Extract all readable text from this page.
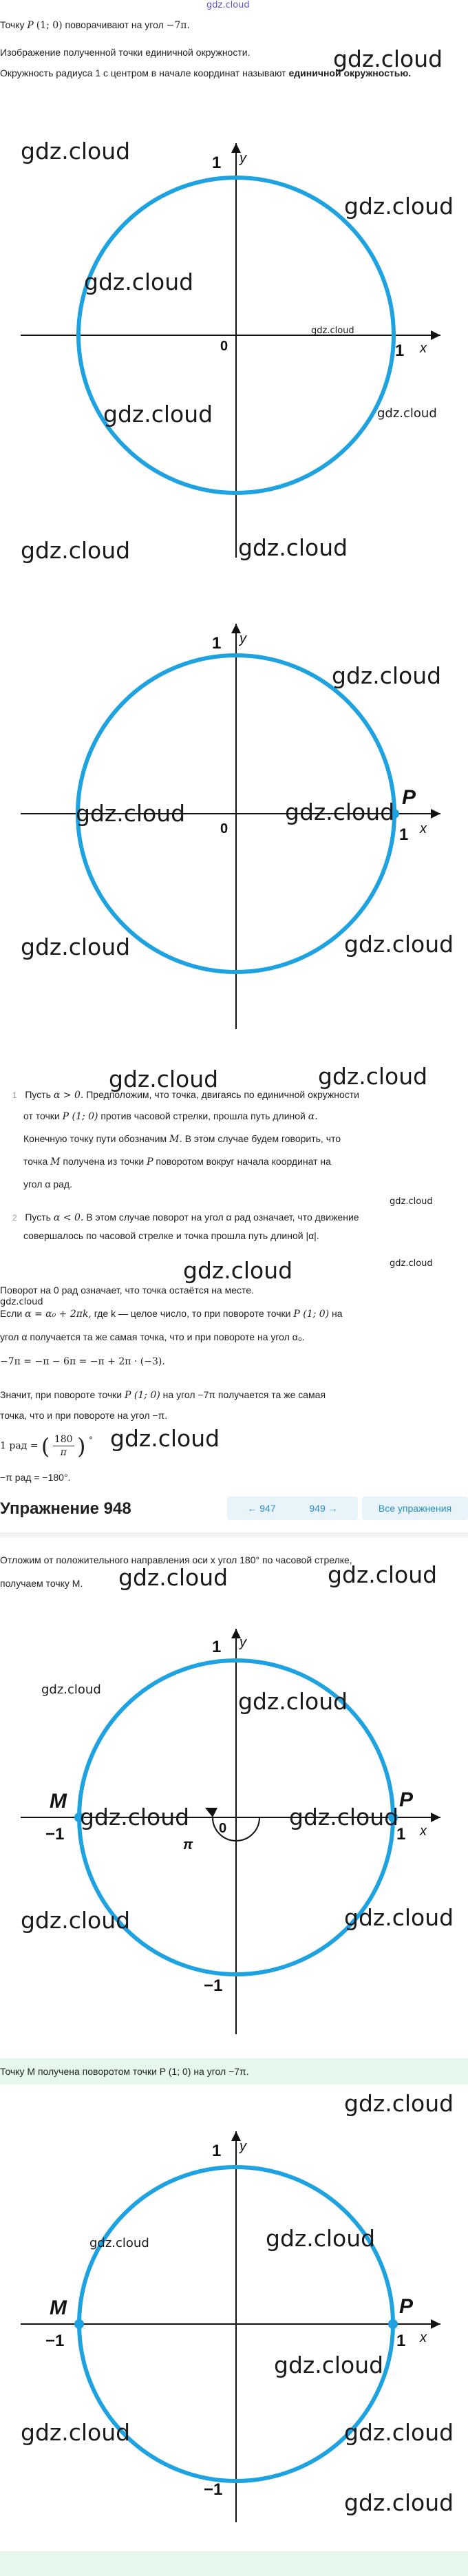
gdz.cloud
Точку P (1; 0) поворачивают на угол −7π.
Изображение полученной точки единичной окружности.
Окружность радиуса 1 с центром в начале координат называют единичной окружностью.
x
y
1
1
0
gdz.cloud
gdz.cloud
gdz.cloud
gdz.cloud
gdz.cloud
gdz.cloud
gdz.cloud
gdz.cloud	gdz.cloud
P
x
y
1
1
0
gdz.cloud
gdz.cloud	gdz.cloud
gdz.cloud	gdz.cloud
gdz.cloud	gdz.cloud
1 Пусть α > 0. Предположим, что точка, двигаясь по единичной окружности
от точки P (1; 0) против часовой стрелки, прошла путь длиной α.
Конечную точку пути обозначим M. В этом случае будем говорить, что
точка M получена из точки P поворотом вокруг начала координат на
угол α рад.
gdz.cloud
2 Пусть α < 0. В этом случае поворот на угол α рад означает, что движение
совершалось по часовой стрелке и точка прошла путь длиной |α|.
gdz.cloud
gdz.cloud
Поворот на 0 рад означает, что точка остаётся на месте.
gdz.cloud
Если α = α₀ + 2πk, где k — целое число, то при повороте точки P (1; 0) на
угол α получается та же самая точка, что и при повороте на угол α₀.
−7π = −π − 6π = −π + 2π · (−3).
Значит, при повороте точки P (1; 0) на угол −7π получается та же самая
точка, что и при повороте на угол −π.
1 рад = ( $\frac{180}{\pi}$ ) ° gdz.cloud
−π рад = −180°.
Упражнение 948	← 947	949 →	Все упражнения
Отложим от положительного направления оси x угол 180° по часовой стрелке,
получаем точку M.	gdz.cloud	gdz.cloud
P
M
−1	1
1
−1
x
y
0
π
gdz.cloud	gdz.cloud
gdz.cloud	gdz.cloud
gdz.cloud	gdz.cloud
Точку M получена поворотом точки P (1; 0) на угол −7π.
gdz.cloud
P
M
−1	1
1
−1
x
y
gdz.cloud	gdz.cloud
gdz.cloud
gdz.cloud	gdz.cloud
gdz.cloud
